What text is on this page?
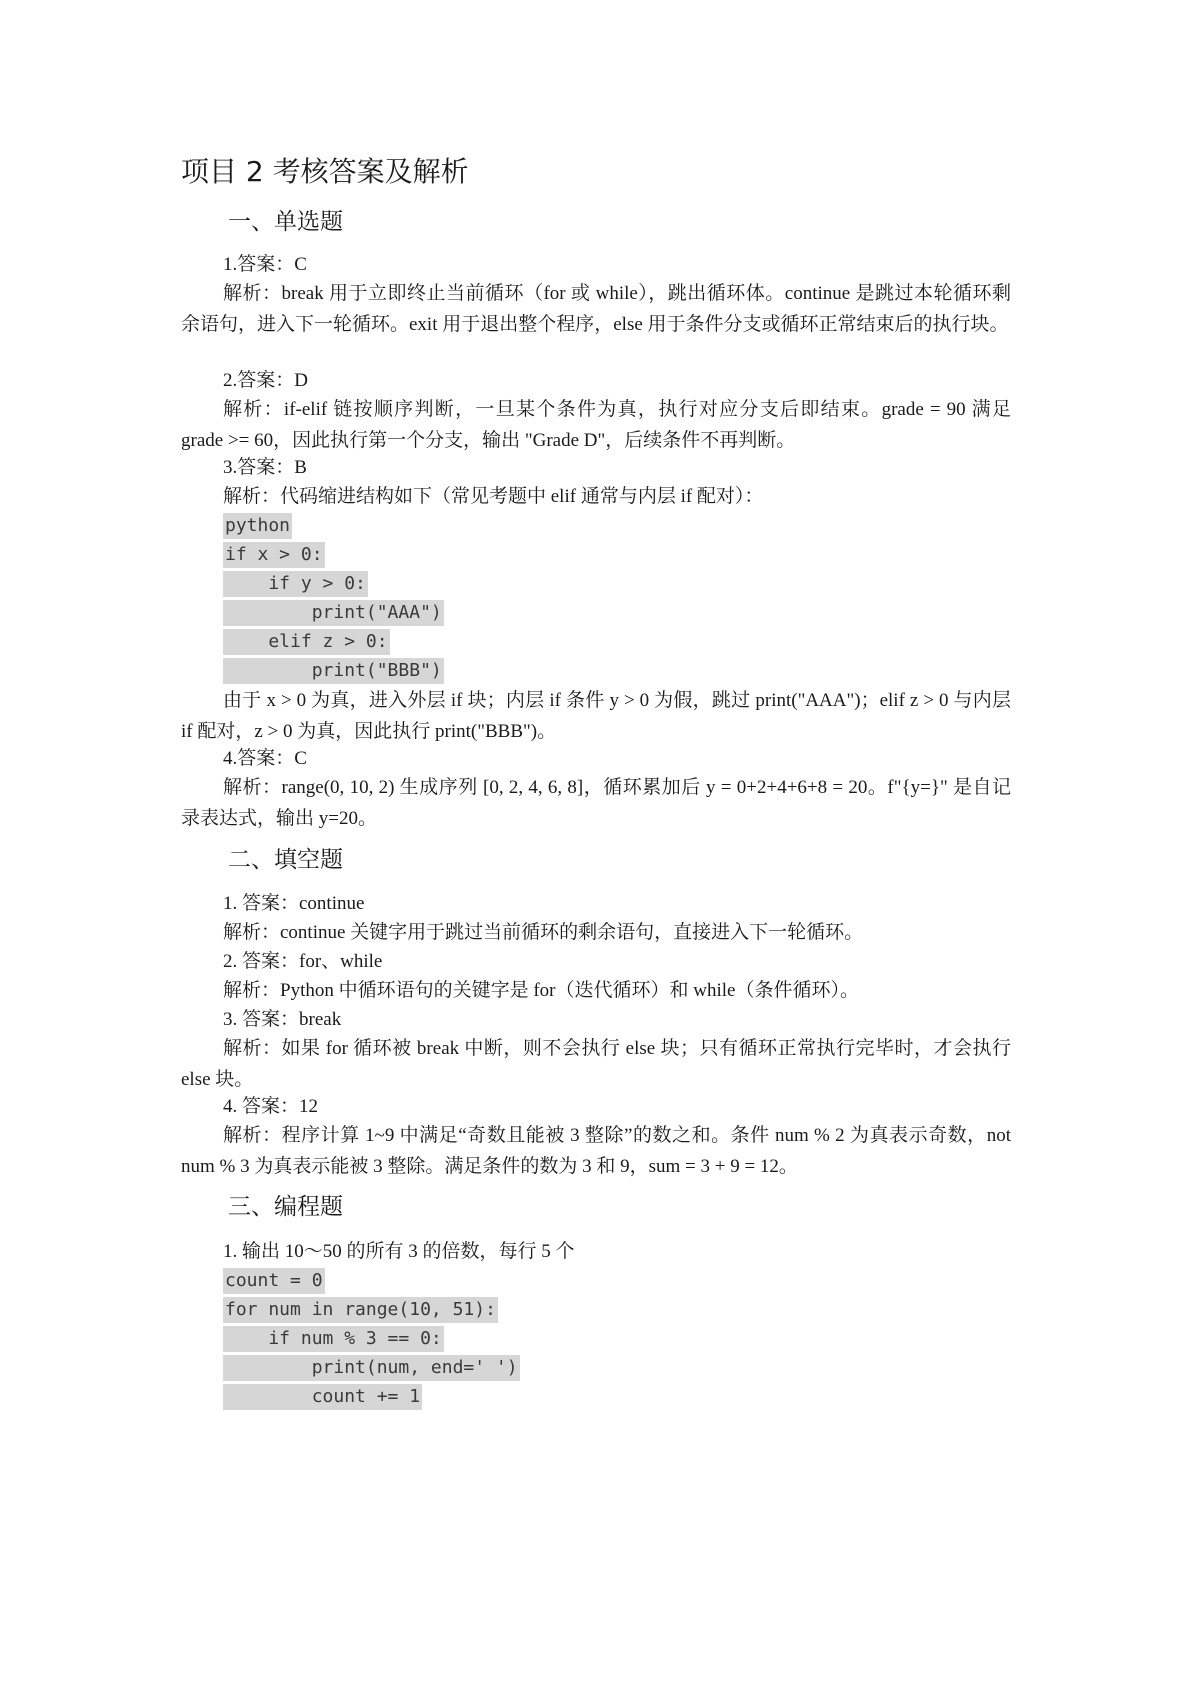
项目 2 考核答案及解析
一、单选题

1.答案：C

解析：break 用于立即终止当前循环（for 或 while），跳出循环体。continue 是跳过本轮循环剩余语句，进入下一轮循环。exit 用于退出整个程序，else 用于条件分支或循环正常结束后的执行块。

2.答案：D

解析：if-elif 链按顺序判断，一旦某个条件为真，执行对应分支后即结束。grade = 90 满足 grade >= 60，因此执行第一个分支，输出 "Grade D"，后续条件不再判断。

3.答案：B

解析：代码缩进结构如下（常见考题中 elif 通常与内层 if 配对）：

python
if x > 0:
if y > 0:
print("AAA")
elif z > 0:
print("BBB")

由于 x > 0 为真，进入外层 if 块；内层 if 条件 y > 0 为假，跳过 print("AAA")；elif z > 0 与内层 if 配对，z > 0 为真，因此执行 print("BBB")。

4.答案：C

解析：range(0, 10, 2) 生成序列 [0, 2, 4, 6, 8]，循环累加后 y = 0+2+4+6+8 = 20。f"{y=}" 是自记录表达式，输出 y=20。

二、填空题

1. 答案：continue

解析：continue 关键字用于跳过当前循环的剩余语句，直接进入下一轮循环。

2. 答案：for、while

解析：Python 中循环语句的关键字是 for（迭代循环）和 while（条件循环）。

3. 答案：break

解析：如果 for 循环被 break 中断，则不会执行 else 块；只有循环正常执行完毕时，才会执行 else 块。

4. 答案：12

解析：程序计算 1~9 中满足“奇数且能被 3 整除”的数之和。条件 num % 2 为真表示奇数，not num % 3 为真表示能被 3 整除。满足条件的数为 3 和 9，sum = 3 + 9 = 12。

三、编程题

1. 输出 10～50 的所有 3 的倍数，每行 5 个

count = 0
for num in range(10, 51):
if num % 3 == 0:
print(num, end=' ')
count += 1
